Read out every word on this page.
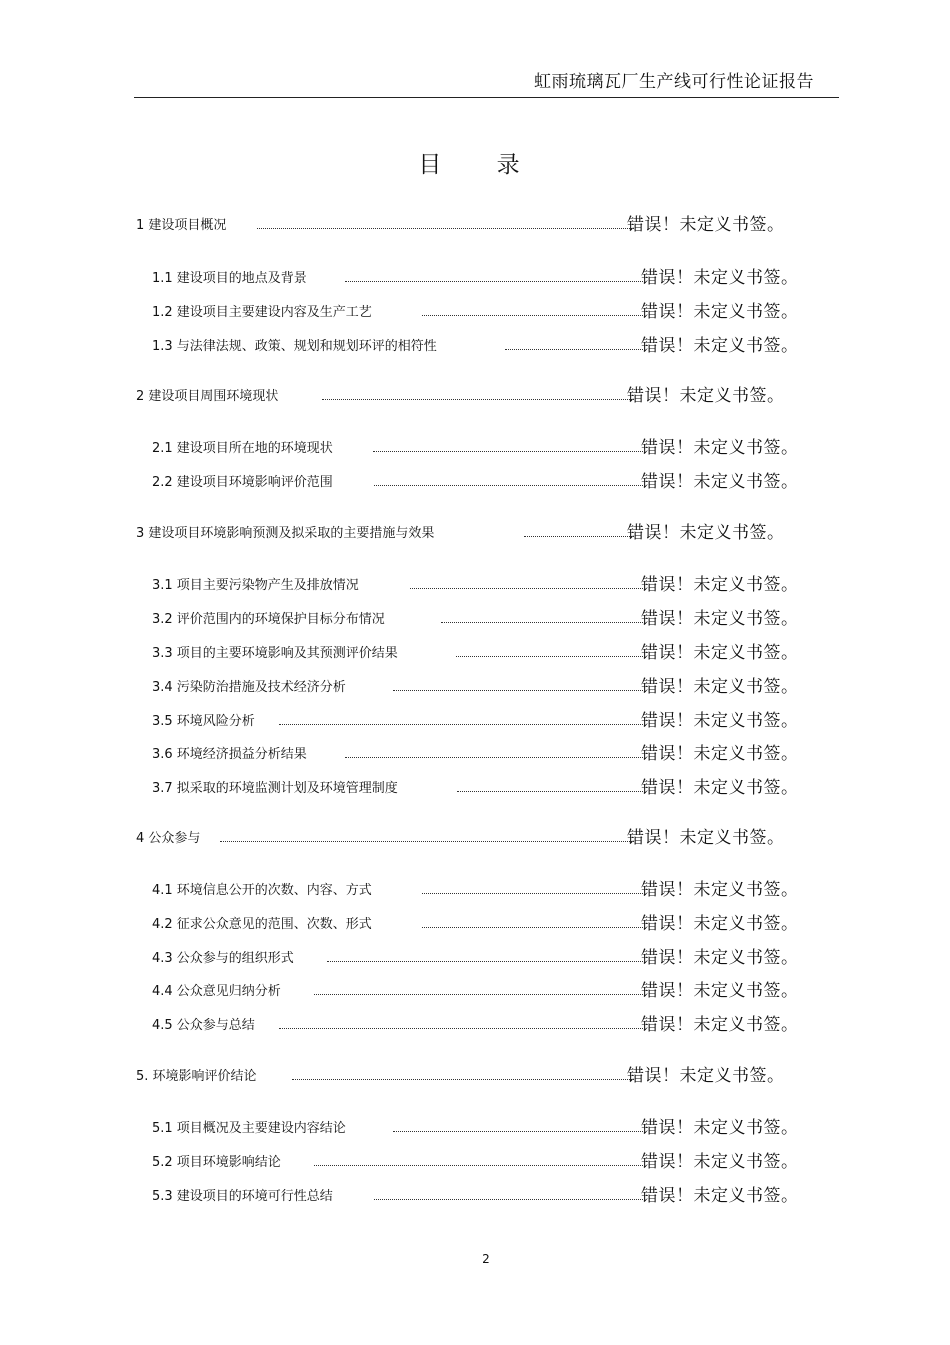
虹雨琉璃瓦厂生产线可行性论证报告
目 录
1 建设项目概况	错误！未定义书签。
1.1 建设项目的地点及背景	错误！未定义书签。
1.2 建设项目主要建设内容及生产工艺	错误！未定义书签。
1.3 与法律法规、政策、规划和规划环评的相符性	错误！未定义书签。
2 建设项目周围环境现状	错误！未定义书签。
2.1 建设项目所在地的环境现状	错误！未定义书签。
2.2 建设项目环境影响评价范围	错误！未定义书签。
3 建设项目环境影响预测及拟采取的主要措施与效果	错误！未定义书签。
3.1 项目主要污染物产生及排放情况	错误！未定义书签。
3.2 评价范围内的环境保护目标分布情况	错误！未定义书签。
3.3 项目的主要环境影响及其预测评价结果	错误！未定义书签。
3.4 污染防治措施及技术经济分析	错误！未定义书签。
3.5 环境风险分析	错误！未定义书签。
3.6 环境经济损益分析结果	错误！未定义书签。
3.7 拟采取的环境监测计划及环境管理制度	错误！未定义书签。
4 公众参与	错误！未定义书签。
4.1 环境信息公开的次数、内容、方式	错误！未定义书签。
4.2 征求公众意见的范围、次数、形式	错误！未定义书签。
4.3 公众参与的组织形式	错误！未定义书签。
4.4 公众意见归纳分析	错误！未定义书签。
4.5 公众参与总结	错误！未定义书签。
5. 环境影响评价结论	错误！未定义书签。
5.1 项目概况及主要建设内容结论	错误！未定义书签。
5.2 项目环境影响结论	错误！未定义书签。
5.3 建设项目的环境可行性总结	错误！未定义书签。
2
